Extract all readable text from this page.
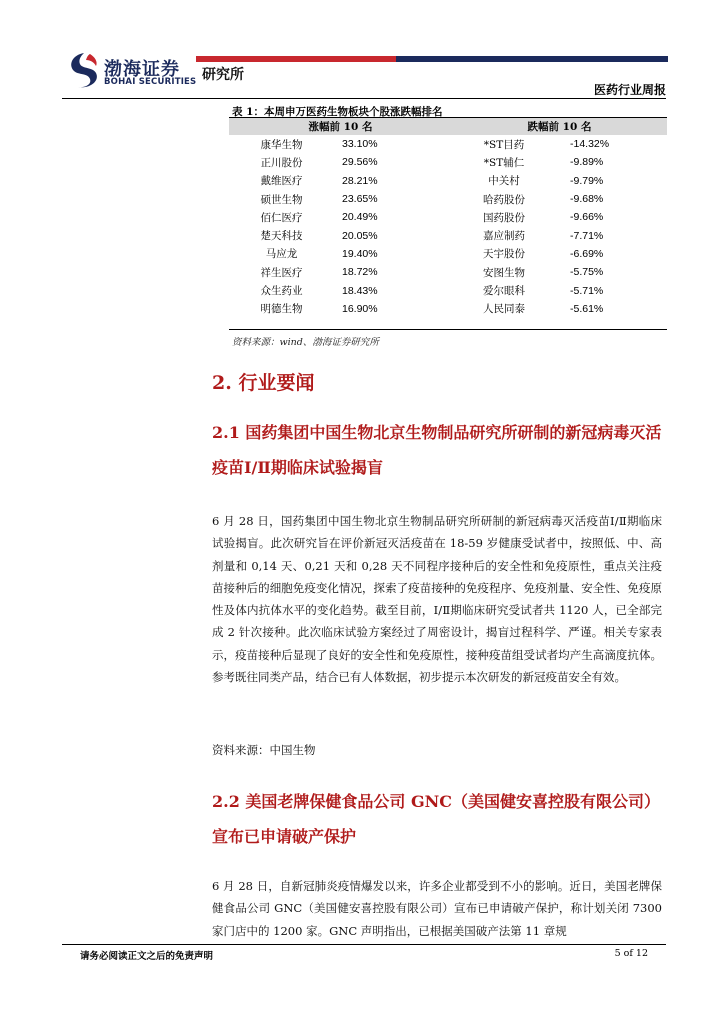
渤海证券
BOHAI SECURITIES 研究所
医药行业周报
表 1：本周申万医药生物板块个股涨跌幅排名
涨幅前 10 名		跌幅前 10 名	
康华生物	33.10%	*ST目药	-14.32%
正川股份	29.56%	*ST辅仁	-9.89%
戴维医疗	28.21%	中关村	-9.79%
硕世生物	23.65%	哈药股份	-9.68%
佰仁医疗	20.49%	国药股份	-9.66%
楚天科技	20.05%	嘉应制药	-7.71%
马应龙	19.40%	天宇股份	-6.69%
祥生医疗	18.72%	安图生物	-5.75%
众生药业	18.43%	爱尔眼科	-5.71%
明德生物	16.90%	人民同泰	-5.61%
资料来源：wind、渤海证券研究所
2. 行业要闻
2.1 国药集团中国生物北京生物制品研究所研制的新冠病毒灭活疫苗Ⅰ/Ⅱ期临床试验揭盲
6 月 28 日，国药集团中国生物北京生物制品研究所研制的新冠病毒灭活疫苗Ⅰ/Ⅱ期临床试验揭盲。此次研究旨在评价新冠灭活疫苗在 18-59 岁健康受试者中，按照低、中、高剂量和 0,14 天、0,21 天和 0,28 天不同程序接种后的安全性和免疫原性，重点关注疫苗接种后的细胞免疫变化情况，探索了疫苗接种的免疫程序、免疫剂量、安全性、免疫原性及体内抗体水平的变化趋势。截至目前，Ⅰ/Ⅱ期临床研究受试者共 1120 人，已全部完成 2 针次接种。此次临床试验方案经过了周密设计，揭盲过程科学、严谨。相关专家表示，疫苗接种后显现了良好的安全性和免疫原性，接种疫苗组受试者均产生高滴度抗体。参考既往同类产品，结合已有人体数据，初步提示本次研发的新冠疫苗安全有效。
资料来源：中国生物
2.2 美国老牌保健食品公司 GNC（美国健安喜控股有限公司）宣布已申请破产保护
6 月 28 日，自新冠肺炎疫情爆发以来，许多企业都受到不小的影响。近日，美国老牌保健食品公司 GNC（美国健安喜控股有限公司）宣布已申请破产保护，称计划关闭 7300 家门店中的 1200 家。GNC 声明指出，已根据美国破产法第 11 章规
请务必阅读正文之后的免责声明	5 of 12
